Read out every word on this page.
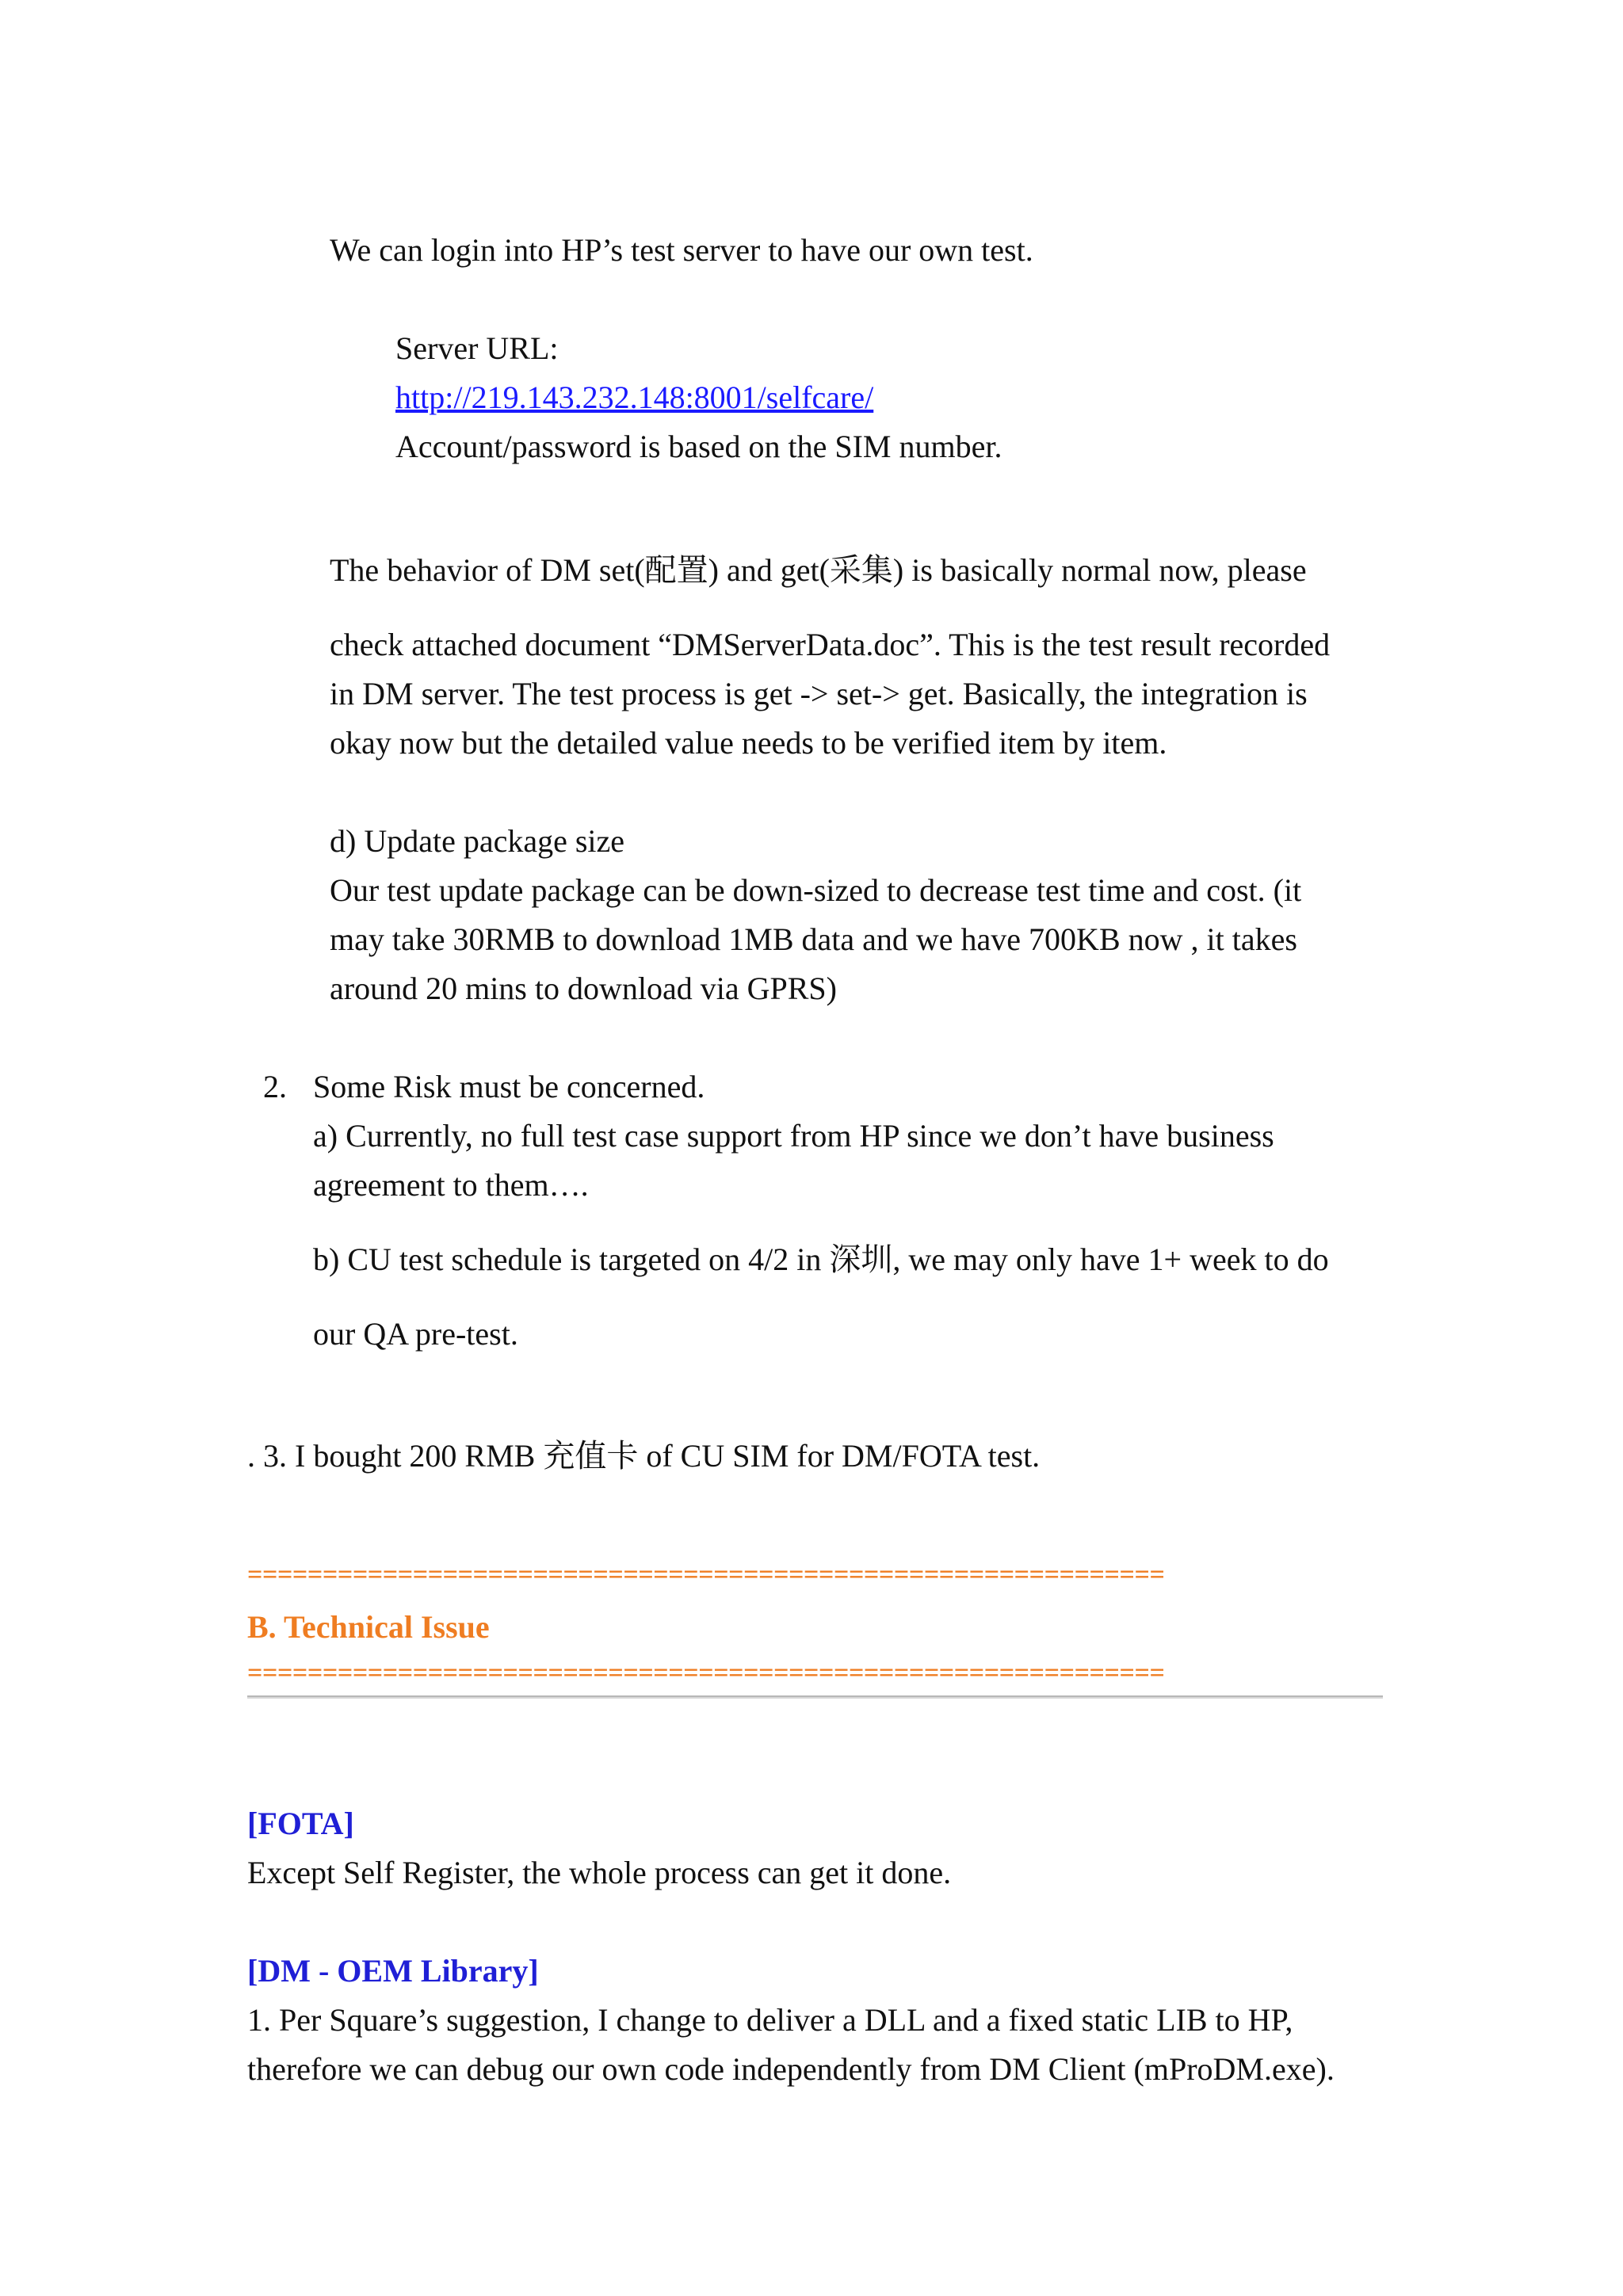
We can login into HP’s test server to have our own test.
Server URL:
http://219.143.232.148:8001/selfcare/
Account/password is based on the SIM number.
The behavior of DM set(配置) and get(采集) is basically normal now, please
check attached document “DMServerData.doc”. This is the test result recorded
in DM server. The test process is get -> set-> get. Basically, the integration is
okay now but the detailed value needs to be verified item by item.
d) Update package size
Our test update package can be down-sized to decrease test time and cost. (it
may take 30RMB to download 1MB data and we have 700KB now , it takes
around 20 mins to download via GPRS)
2. Some Risk must be concerned.
a) Currently, no full test case support from HP since we don’t have business
agreement to them….
b) CU test schedule is targeted on 4/2 in 深圳, we may only have 1+ week to do
our QA pre-test.
. 3. I bought 200 RMB 充值卡 of CU SIM for DM/FOTA test.
=============================================================
B. Technical Issue
=============================================================
[FOTA]
Except Self Register, the whole process can get it done.
[DM - OEM Library]
1. Per Square’s suggestion, I change to deliver a DLL and a fixed static LIB to HP,
therefore we can debug our own code independently from DM Client (mProDM.exe).
